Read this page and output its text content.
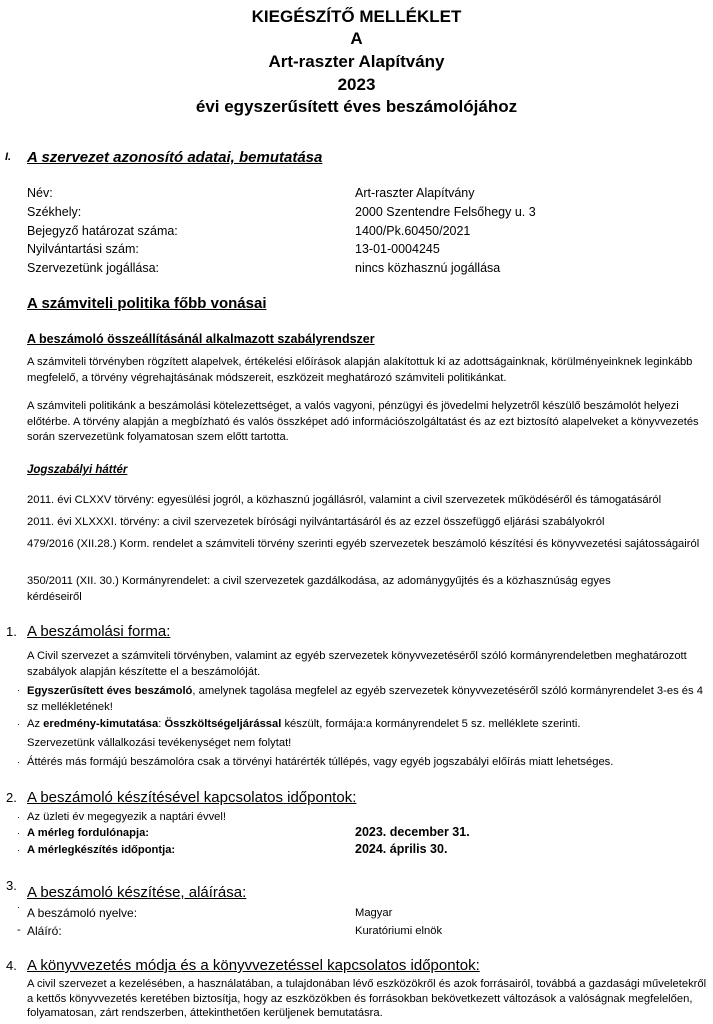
KIEGÉSZÍTŐ MELLÉKLET
A
Art-raszter Alapítvány
2023
évi egyszerűsített éves beszámolójához
I. A szervezet azonosító adatai, bemutatása
Név:	Art-raszter Alapítvány
Székhely:	2000 Szentendre Felsőhegy u. 3
Bejegyző határozat száma:	1400/Pk.60450/2021
Nyilvántartási szám:	13-01-0004245
Szervezetünk jogállása:	nincs közhasznú jogállása
A számviteli politika főbb vonásai
A beszámoló összeállításánál alkalmazott szabályrendszer
A számviteli törvényben rögzített alapelvek, értékelési előírások alapján alakítottuk ki az adottságainknak, körülményeinknek leginkább megfelelő, a törvény végrehajtásának módszereit, eszközeit meghatározó számviteli politikánkat.
A számviteli politikánk a beszámolási kötelezettséget, a valós vagyoni, pénzügyi és jövedelmi helyzetről készülő beszámolót helyezi előtérbe. A törvény alapján a megbízható és valós összképet adó információszolgáltatást és az ezt biztosító alapelveket a könyvvezetés során szervezetünk folyamatosan szem előtt tartotta.
Jogszabályi háttér
2011. évi CLXXV törvény: egyesülési jogról, a közhasznú jogállásról, valamint a civil szervezetek működéséről és támogatásáról
2011. évi XLXXXI. törvény: a civil szervezetek bírósági nyilvántartásáról és az ezzel összefüggő eljárási szabályokról
479/2016 (XII.28.) Korm. rendelet a számviteli törvény szerinti egyéb szervezetek beszámoló készítési és könyvvezetési sajátosságairól
350/2011 (XII. 30.) Kormányrendelet: a civil szervezetek gazdálkodása, az adománygyűjtés és a közhasznúság egyes kérdéseiről
1. A beszámolási forma:
A Civil szervezet a számviteli törvényben, valamint az egyéb szervezetek könyvvezetéséről szóló kormányrendeletben meghatározott szabályok alapján készítette el a beszámolóját.
· Egyszerűsített éves beszámoló, amelynek tagolása megfelel az egyéb szervezetek könyvvezetéséről szóló kormányrendelet 3-es és 4 sz mellékletének!
· Az eredmény-kimutatása: Összköltségeljárással készült, formája:a kormányrendelet 5 sz. melléklete szerinti.
Szervezetünk vállalkozási tevékenységet nem folytat!
· Áttérés más formájú beszámolóra csak a törvényi határérték túllépés, vagy egyéb jogszabályi előírás miatt lehetséges.
2. A beszámoló készítésével kapcsolatos időpontok:
· Az üzleti év megegyezik a naptári évvel!
· A mérleg fordulónapja:	2023. december 31.
· A mérlegkészítés időpontja:	2024. április 30.
3. A beszámoló készítése, aláírása:
· A beszámoló nyelve:	Magyar
- Aláíró:	Kuratóriumi elnök
4. A könyvvezetés módja és a könyvvezetéssel kapcsolatos időpontok:
A civil szervezet a kezelésében, a használatában, a tulajdonában lévő eszközökről és azok forrásairól, továbbá a gazdasági műveletekről a kettős könyvvezetés keretében biztosítja, hogy az eszközökben és forrásokban bekövetkezett változások a valóságnak megfelelően, folyamatosan, zárt rendszerben, áttekinthetően kerüljenek bemutatásra.
